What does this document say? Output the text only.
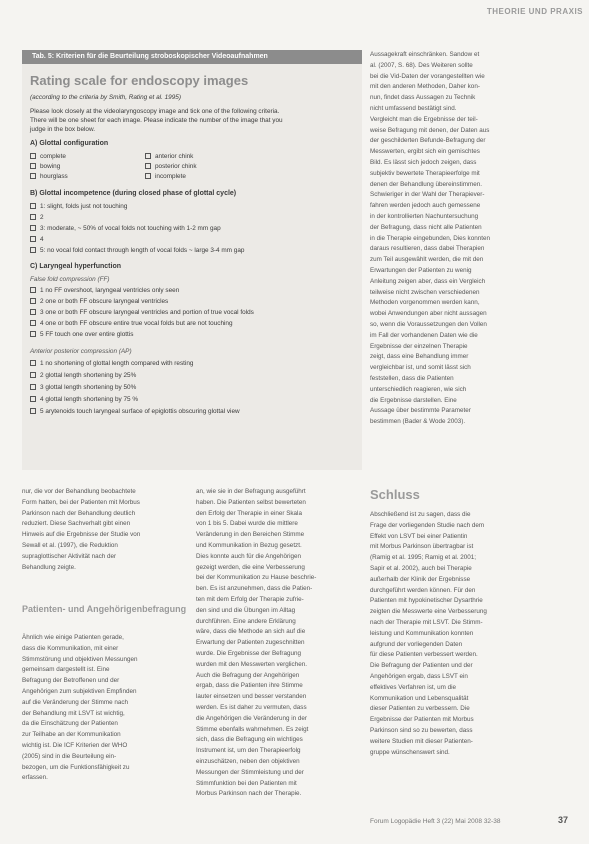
THEORIE UND PRAXIS
Tab. 5: Kriterien für die Beurteilung stroboskopischer Videoaufnahmen
Rating scale for endoscopy images
(according to the criteria by Smith, Rating et al. 1995)
Please look closely at the videolaryngoscopy image and tick one of the following criteria.
There will be one sheet for each image. Please indicate the number of the image that you
judge in the box below.
A) Glottal configuration
complete
bowing
hourglass
anterior chink
posterior chink
incomplete
B) Glottal incompetence (during closed phase of glottal cycle)
1: slight, folds just not touching
2
3: moderate, ~ 50% of vocal folds not touching with 1-2 mm gap
4
5: no vocal fold contact through length of vocal folds ~ large 3-4 mm gap
C) Laryngeal hyperfunction
False fold compression (FF)
1 no FF overshoot, laryngeal ventricles only seen
2 one or both FF obscure laryngeal ventricles
3 one or both FF obscure laryngeal ventricles and portion of true vocal folds
4 one or both FF obscure entire true vocal folds but are not touching
5 FF touch one over entire glottis
Anterior posterior compression (AP)
1 no shortening of glottal length compared with resting
2 glottal length shortening by 25%
3 glottal length shortening by 50%
4 glottal length shortening by 75 %
5 arytenoids touch laryngeal surface of epiglottis obscuring glottal view

Aussagekraft einschränken. Sandow et

al. (2007, S. 68). Des Weiteren sollte

bei die Vid-Daten der vorangestellten wie

mit den anderen Methoden, Daher kon-

nun, findet dass Aussagen zu Technik

nicht umfassend bestätigt sind.

Vergleicht man die Ergebnisse der teil-

weise Befragung mit denen, der Daten aus

der geschilderten Befunde-Befragung der

Messwerten, ergibt sich ein gemischtes

Bild. Es lässt sich jedoch zeigen, dass

subjektiv bewertete Therapieerfolge mit

denen der Behandlung übereinstimmen.

Schwieriger in der Wahl der Therapiever-

fahren werden jedoch auch gemessene

in der kontrollierten Nachuntersuchung

der Befragung, dass nicht alle Patienten

in die Therapie eingebunden, Dies konnten

daraus resultieren, dass dabei Therapien

zum Teil ausgewählt werden, die mit den

Erwartungen der Patienten zu wenig

Anleitung zeigen aber, dass ein Vergleich

teilweise nicht zwischen verschiedenen

Methoden vorgenommen werden kann,

wobei Anwendungen aber nicht aussagen

so, wenn die Voraussetzungen den Vollen

im Fall der vorhandenen Daten wie die

Ergebnisse der einzelnen Therapie

zeigt, dass eine Behandlung immer

vergleichbar ist, und somit lässt sich

feststellen, dass die Patienten

unterschiedlich reagieren, wie sich

die Ergebnisse darstellen. Eine

Aussage über bestimmte Parameter

bestimmen (Bader & Wode 2003).

nur, die vor der Behandlung beobachtete

Form hatten, bei der Patienten mit Morbus

Parkinson nach der Behandlung deutlich

reduziert. Diese Sachverhalt gibt einen

Hinweis auf die Ergebnisse der Studie von

Sewall et al. (1997), die Reduktion

supraglottischer Aktivität nach der

Behandlung zeigte.

Patienten- und Angehörigenbefragung

Ähnlich wie einige Patienten gerade,

dass die Kommunikation, mit einer

Stimmstörung und objektiven Messungen

gemeinsam dargestellt ist. Eine

Befragung der Betroffenen und der

Angehörigen zum subjektiven Empfinden

auf die Veränderung der Stimme nach

der Behandlung mit LSVT ist wichtig,

da die Einschätzung der Patienten

zur Teilhabe an der Kommunikation

wichtig ist. Die ICF Kriterien der WHO

(2005) sind in die Beurteilung ein-

bezogen, um die Funktionsfähigkeit zu

erfassen.

an, wie sie in der Befragung ausgeführt

haben. Die Patienten selbst bewerteten

den Erfolg der Therapie in einer Skala

von 1 bis 5. Dabei wurde die mittlere

Veränderung in den Bereichen Stimme

und Kommunikation in Bezug gesetzt.

Dies konnte auch für die Angehörigen

gezeigt werden, die eine Verbesserung

bei der Kommunikation zu Hause beschrie-

ben. Es ist anzunehmen, dass die Patien-

ten mit dem Erfolg der Therapie zufrie-

den sind und die Übungen im Alltag

durchführen. Eine andere Erklärung

wäre, dass die Methode an sich auf die

Erwartung der Patienten zugeschnitten

wurde. Die Ergebnisse der Befragung

wurden mit den Messwerten verglichen.

Auch die Befragung der Angehörigen

ergab, dass die Patienten ihre Stimme

lauter einsetzen und besser verstanden

werden. Es ist daher zu vermuten, dass

die Angehörigen die Veränderung in der

Stimme ebenfalls wahrnehmen. Es zeigt

sich, dass die Befragung ein wichtiges

Instrument ist, um den Therapieerfolg

einzuschätzen, neben den objektiven

Messungen der Stimmleistung und der

Stimmfunktion bei den Patienten mit

Morbus Parkinson nach der Therapie.

Schluss

Abschließend ist zu sagen, dass die

Frage der vorliegenden Studie nach dem

Effekt von LSVT bei einer Patientin

mit Morbus Parkinson übertragbar ist

(Ramig et al. 1995; Ramig et al. 2001;

Sapir et al. 2002), auch bei Therapie

außerhalb der Klinik der Ergebnisse

durchgeführt werden können. Für den

Patienten mit hypokinetischer Dysarthrie

zeigten die Messwerte eine Verbesserung

nach der Therapie mit LSVT. Die Stimm-

leistung und Kommunikation konnten

aufgrund der vorliegenden Daten

für diese Patienten verbessert werden.

Die Befragung der Patienten und der

Angehörigen ergab, dass LSVT ein

effektives Verfahren ist, um die

Kommunikation und Lebensqualität

dieser Patienten zu verbessern. Die

Ergebnisse der Patienten mit Morbus

Parkinson sind so zu bewerten, dass

weitere Studien mit dieser Patienten-

gruppe wünschenswert sind.

Forum Logopädie Heft 3 (22) Mai 2008 32-38	37
